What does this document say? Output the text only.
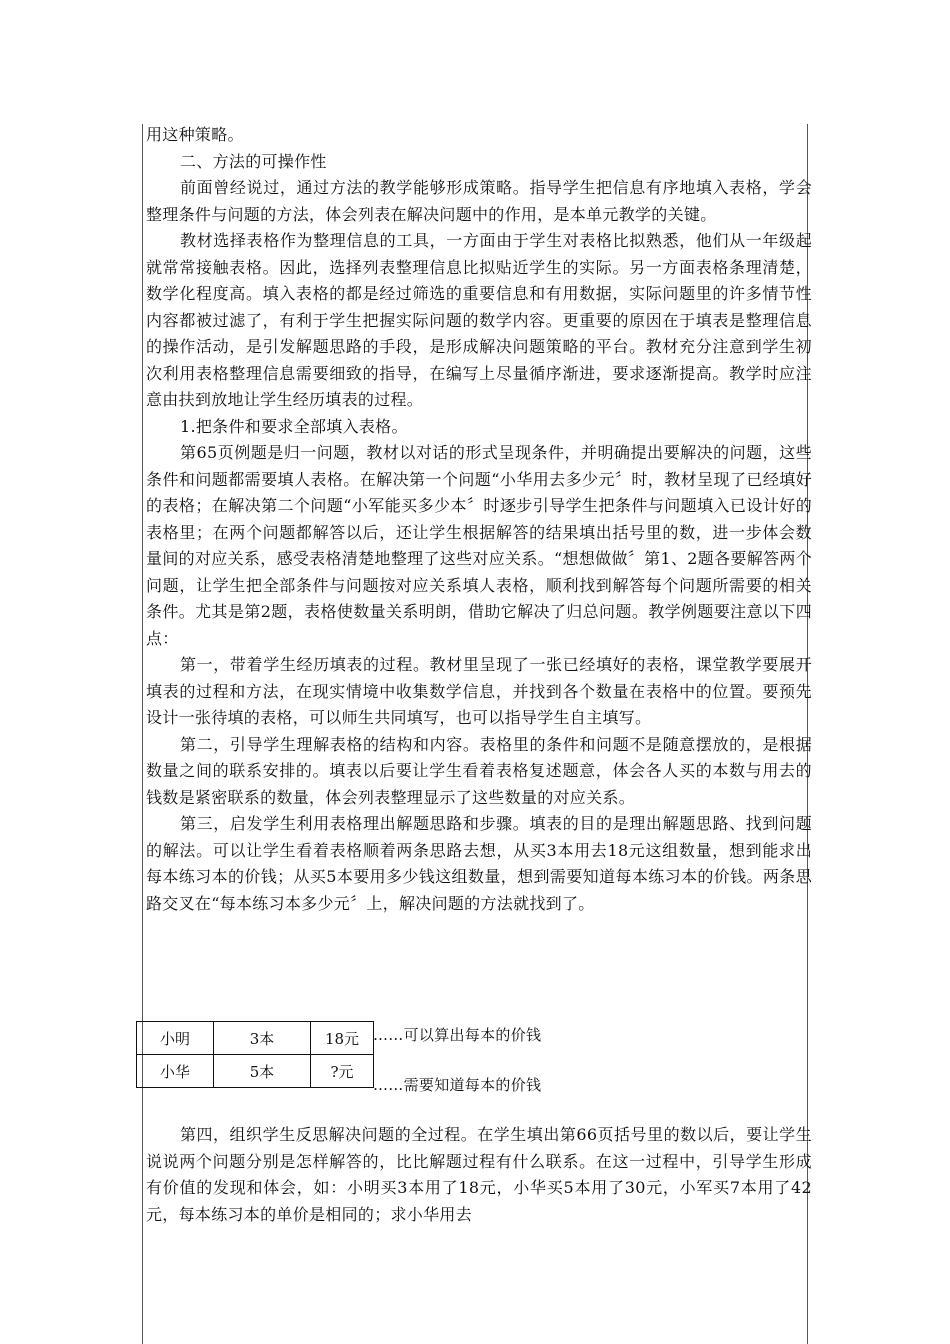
用这种策略。

二、方法的可操作性

前面曾经说过，通过方法的教学能够形成策略。指导学生把信息有序地填入表格，学会整理条件与问题的方法，体会列表在解决问题中的作用，是本单元教学的关键。

教材选择表格作为整理信息的工具，一方面由于学生对表格比拟熟悉，他们从一年级起就常常接触表格。因此，选择列表整理信息比拟贴近学生的实际。另一方面表格条理清楚，数学化程度高。填入表格的都是经过筛选的重要信息和有用数据，实际问题里的许多情节性内容都被过滤了，有利于学生把握实际问题的数学内容。更重要的原因在于填表是整理信息的操作活动，是引发解题思路的手段，是形成解决问题策略的平台。教材充分注意到学生初次利用表格整理信息需要细致的指导，在编写上尽量循序渐进，要求逐渐提高。教学时应注意由扶到放地让学生经历填表的过程。

1.把条件和要求全部填入表格。

第65页例题是归一问题，教材以对话的形式呈现条件，并明确提出要解决的问题，这些条件和问题都需要填人表格。在解决第一个问题“小华用去多少元〞时，教材呈现了已经填好的表格；在解决第二个问题“小军能买多少本〞时逐步引导学生把条件与问题填入已设计好的表格里；在两个问题都解答以后，还让学生根据解答的结果填出括号里的数，进一步体会数量间的对应关系，感受表格清楚地整理了这些对应关系。“想想做做〞第1、2题各要解答两个问题，让学生把全部条件与问题按对应关系填人表格，顺利找到解答每个问题所需要的相关条件。尤其是第2题，表格使数量关系明朗，借助它解决了归总问题。教学例题要注意以下四点：

第一，带着学生经历填表的过程。教材里呈现了一张已经填好的表格，课堂教学要展开填表的过程和方法，在现实情境中收集数学信息，并找到各个数量在表格中的位置。要预先设计一张待填的表格，可以师生共同填写，也可以指导学生自主填写。

第二，引导学生理解表格的结构和内容。表格里的条件和问题不是随意摆放的，是根据数量之间的联系安排的。填表以后要让学生看着表格复述题意，体会各人买的本数与用去的钱数是紧密联系的数量，体会列表整理显示了这些数量的对应关系。

第三，启发学生利用表格理出解题思路和步骤。填表的目的是理出解题思路、找到问题的解法。可以让学生看着表格顺着两条思路去想，从买3本用去18元这组数量，想到能求出每本练习本的价钱；从买5本要用多少钱这组数量，想到需要知道每本练习本的价钱。两条思路交叉在“每本练习本多少元〞上，解决问题的方法就找到了。

小明	3本	18元
小华	5本	?元
……可以算出每本的价钱
……需要知道每本的价钱

第四，组织学生反思解决问题的全过程。在学生填出第66页括号里的数以后，要让学生说说两个问题分别是怎样解答的，比比解题过程有什么联系。在这一过程中，引导学生形成有价值的发现和体会，如：小明买3本用了18元，小华买5本用了30元，小军买7本用了42元，每本练习本的单价是相同的；求小华用去
